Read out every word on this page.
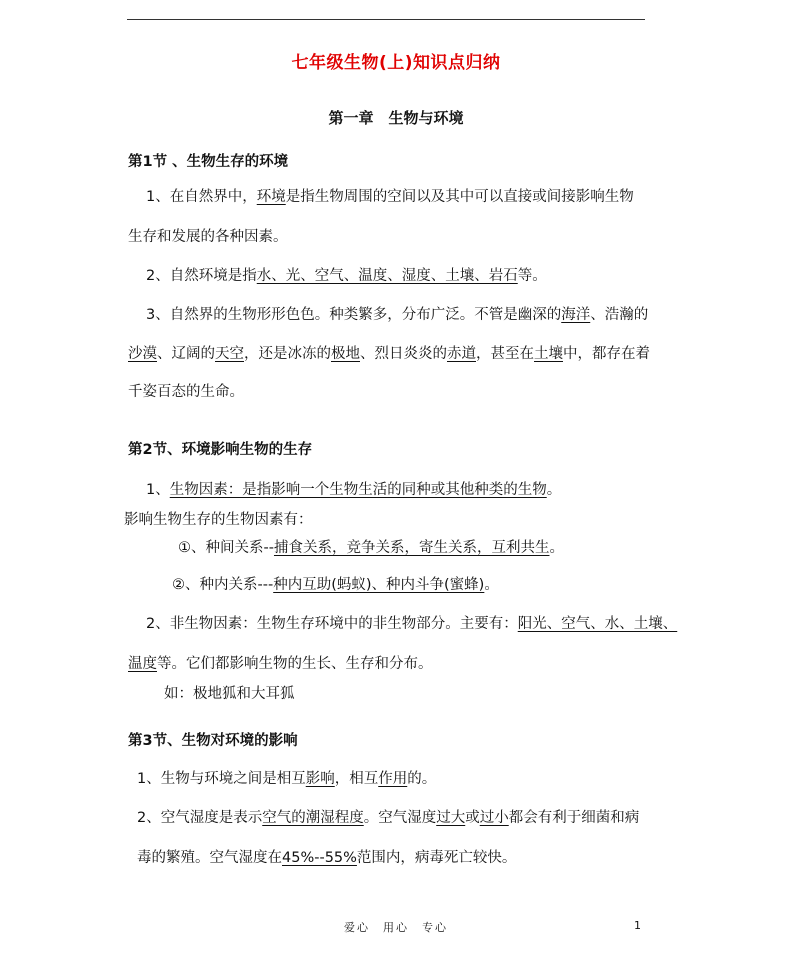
七年级生物(上)知识点归纳
第一章　生物与环境
第1节 、生物生存的环境
1、在自然界中，环境是指生物周围的空间以及其中可以直接或间接影响生物
生存和发展的各种因素。
2、自然环境是指水、光、空气、温度、湿度、土壤、岩石等。
3、自然界的生物形形色色。种类繁多，分布广泛。不管是幽深的海洋、浩瀚的
沙漠、辽阔的天空，还是冰冻的极地、烈日炎炎的赤道，甚至在土壤中，都存在着
千姿百态的生命。
第2节、环境影响生物的生存
1、生物因素：是指影响一个生物生活的同种或其他种类的生物。
影响生物生存的生物因素有：
①、种间关系--捕食关系，竞争关系，寄生关系，互利共生。
②、种内关系---种内互助(蚂蚁)、种内斗争(蜜蜂)。
2、非生物因素：生物生存环境中的非生物部分。主要有：阳光、空气、水、土壤、
温度等。它们都影响生物的生长、生存和分布。
如：极地狐和大耳狐
第3节、生物对环境的影响
1、生物与环境之间是相互影响，相互作用的。
2、空气湿度是表示空气的潮湿程度。空气湿度过大或过小都会有利于细菌和病
毒的繁殖。空气湿度在45%--55%范围内，病毒死亡较快。
爱心　用心　专心	1
